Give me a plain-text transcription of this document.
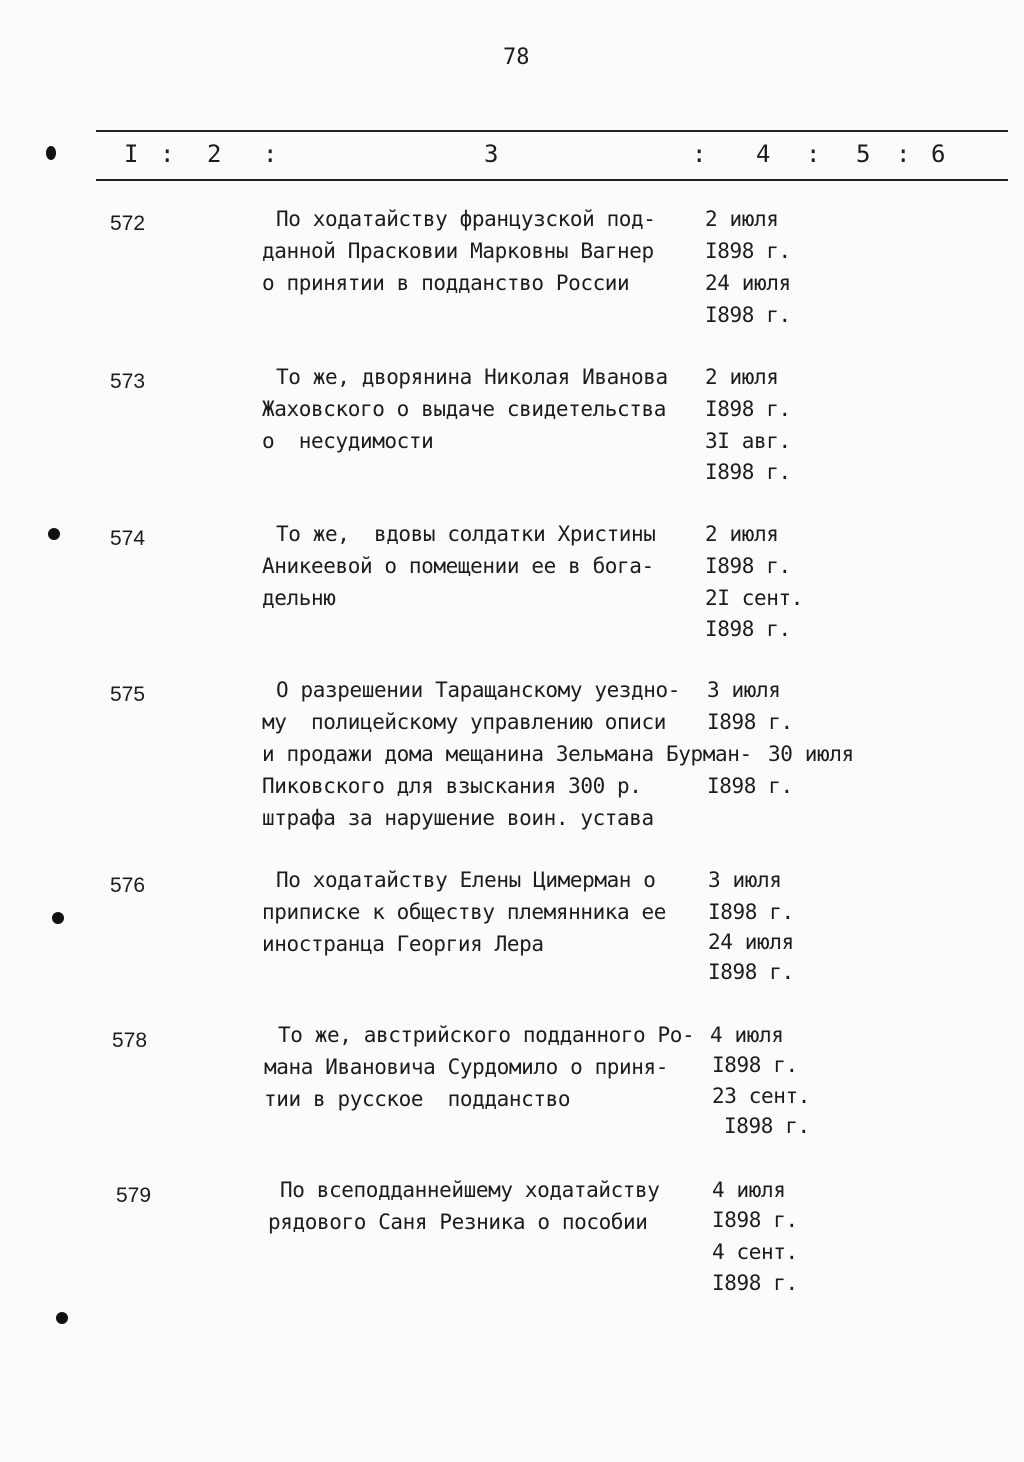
78
I : 2 :	3	: 4 : 5 : 6
572	По ходатайству французской под-
данной Прасковии Марковны Вагнер
о принятии в подданство России
2 июля
I898 г.
24 июля
I898 г.
573	То же, дворянина Николая Иванова
Жаховского о выдаче свидетельства
о  несудимости
2 июля
I898 г.
3I авг.
I898 г.
574	То же,  вдовы солдатки Христины
Аникеевой о помещении ее в бога-
дельню
2 июля
I898 г.
2I сент.
I898 г.
575	О разрешении Таращанскому уездно-
му  полицейскому управлению описи
и продажи дома мещанина Зельмана Бурман-
Пиковского для взыскания 300 р.
штрафа за нарушение воин. устава
3 июля
I898 г.
30 июля
I898 г.
576	По ходатайству Елены Цимерман о
приписке к обществу племянника ее
иностранца Георгия Лера
3 июля
I898 г.
24 июля
I898 г.
578	То же, австрийского подданного Ро-
мана Ивановича Сурдомило о приня-
тии в русское  подданство
4 июля
I898 г.
23 сент.
I898 г.
579	По всеподданнейшему ходатайству
рядового Саня Резника о пособии
4 июля
I898 г.
4 сент.
I898 г.
